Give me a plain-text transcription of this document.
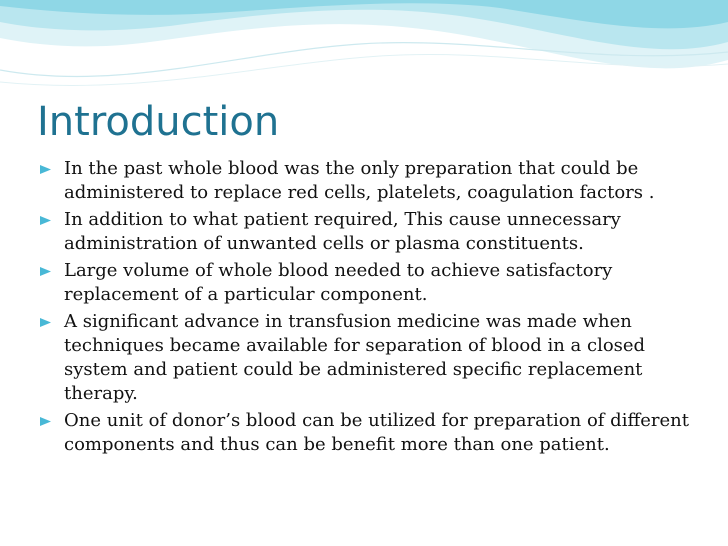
Introduction
In the past whole blood was the only preparation that could be administered to replace red cells, platelets, coagulation factors .
In addition to what patient required, This cause unnecessary administration of unwanted cells or plasma constituents.
Large volume of whole blood needed to achieve satisfactory replacement of a particular component.
A significant advance in transfusion medicine was made when techniques became available for separation of blood in a closed system and patient could be administered specific replacement therapy.
One unit of donor’s blood can be utilized for preparation of different components and thus can be benefit more than one patient.
